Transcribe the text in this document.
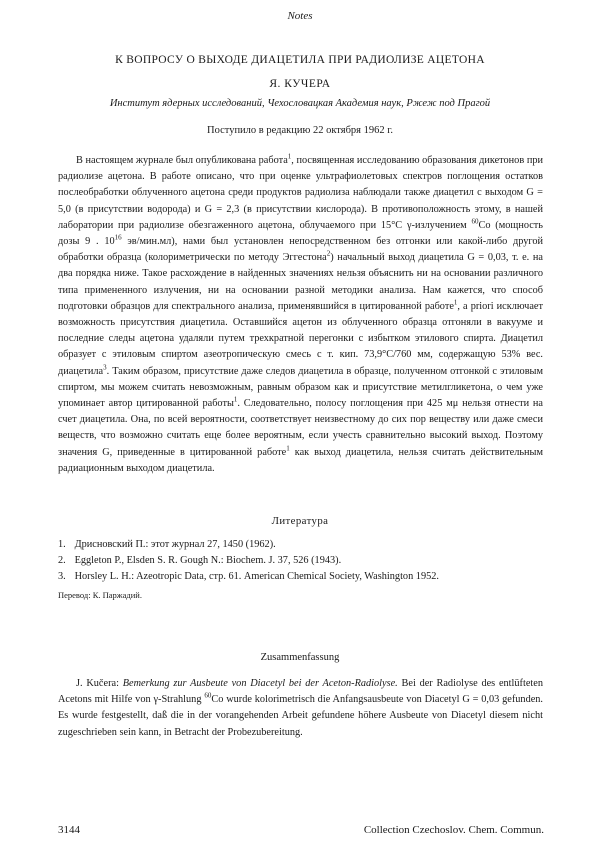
Notes
К ВОПРОСУ О ВЫХОДЕ ДИАЦЕТИЛА ПРИ РАДИОЛИЗЕ АЦЕТОНА
Я. КУЧЕРА
Институт ядерных исследований, Чехословацкая Академия наук, Ржеж под Прагой
Поступило в редакцию 22 октября 1962 г.

В настоящем журнале был опубликована работа$^1$, посвященная исследованию образования дикетонов при радиолизе ацетона. В работе описано, что при оценке ультрафиолетовых спектров поглощения остатков послеобработки облученного ацетона среди продуктов радиолиза наблюдали также диацетил с выходом G = 5,0 (в присутствии водорода) и G = 2,3 (в присутствии кислорода). В противоположность этому, в нашей лаборатории при радиолизе обезгаженного ацетона, облучаемого при 15°С γ-излучением $^{60}$Со (мощность дозы 9 . $10^{16}$ эв/мин.мл), нами был установлен непосредственном без отгонки или какой-либо другой обработки образца (колориметрически по методу Эггестона$^2$) начальный выход диацетила G = 0,03, т. е. на два порядка ниже. Такое расхождение в найденных значениях нельзя объяснить ни на основании различного типа примененного излучения, ни на основании разной методики анализа. Нам кажется, что способ подготовки образцов для спектрального анализа, применявшийся в цитированной работе$^1$, a priori исключает возможность присутствия диацетила. Оставшийся ацетон из облученного образца отгоняли в вакууме и последние следы ацетона удаляли путем трехкратной перегонки с избытком этилового спирта. Диацетил образует с этиловым спиртом азеотропическую смесь с т. кип. 73,9°С/760 мм, содержащую 53% вес. диацетила$^3$. Таким образом, присутствие даже следов диацетила в образце, полученном отгонкой с этиловым спиртом, мы можем считать невозможным, равным образом как и присутствие метилгликетона, о чем уже упоминает автор цитированной работы$^1$. Следовательно, полосу поглощения при 425 мμ нельзя отнести на счет диацетила. Она, по всей вероятности, соответствует неизвестному до сих пор веществу или даже смеси веществ, что возможно считать еще более вероятным, если учесть сравнительно высокий выход. Поэтому значения G, приведенные в цитированной работе$^1$ как выход диацетила, нельзя считать действительным радиационным выходом диацетила.

Литература
1. Дрисновский П.: этот журнал 27, 1450 (1962).
2. Eggleton P., Elsden S. R. Gough N.: Biochem. J. 37, 526 (1943).
3. Horsley L. H.: Azeotropic Data, стр. 61. American Chemical Society, Washington 1952.
Перевод: К. Паржадий.
Zusammenfassung

J. Kučera: Bemerkung zur Ausbeute von Diacetyl bei der Aceton-Radiolyse. Bei der Radiolyse des entlüfteten Acetons mit Hilfe von γ-Strahlung $^{60}$Co wurde kolorimetrisch die Anfangsausbeute von Diacetyl G = 0,03 gefunden. Es wurde festgestellt, daß die in der vorangehenden Arbeit gefundene höhere Ausbeute von Diacetyl diesem nicht zugeschrieben sein kann, in Betracht der Probezubereitung.

3144	Collection Czechoslov. Chem. Commun.
